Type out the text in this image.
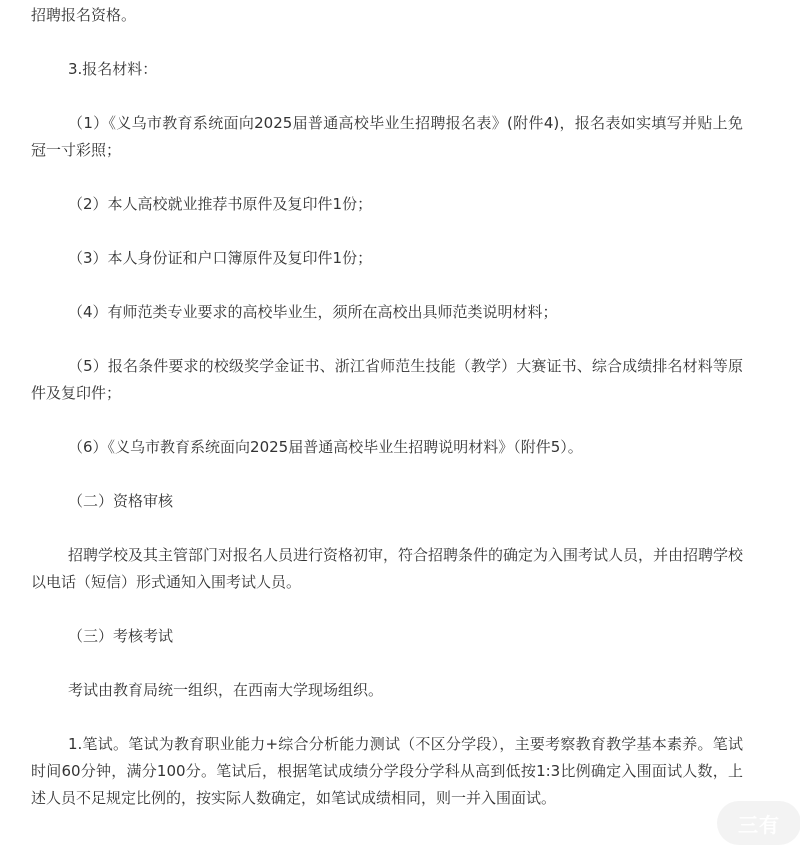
招聘报名资格。

3.报名材料：

（1）《义乌市教育系统面向2025届普通高校毕业生招聘报名表》(附件4)，报名表如实填写并贴上免冠一寸彩照；

（2）本人高校就业推荐书原件及复印件1份；

（3）本人身份证和户口簿原件及复印件1份；

（4）有师范类专业要求的高校毕业生，须所在高校出具师范类说明材料；

（5）报名条件要求的校级奖学金证书、浙江省师范生技能（教学）大赛证书、综合成绩排名材料等原件及复印件；

（6）《义乌市教育系统面向2025届普通高校毕业生招聘说明材料》（附件5）。

（二）资格审核

招聘学校及其主管部门对报名人员进行资格初审，符合招聘条件的确定为入围考试人员，并由招聘学校以电话（短信）形式通知入围考试人员。

（三）考核考试

考试由教育局统一组织，在西南大学现场组织。

1.笔试。笔试为教育职业能力+综合分析能力测试（不区分学段），主要考察教育教学基本素养。笔试时间60分钟，满分100分。笔试后，根据笔试成绩分学段分学科从高到低按1:3比例确定入围面试人数，上述人员不足规定比例的，按实际人数确定，如笔试成绩相同，则一并入围面试。

三有
